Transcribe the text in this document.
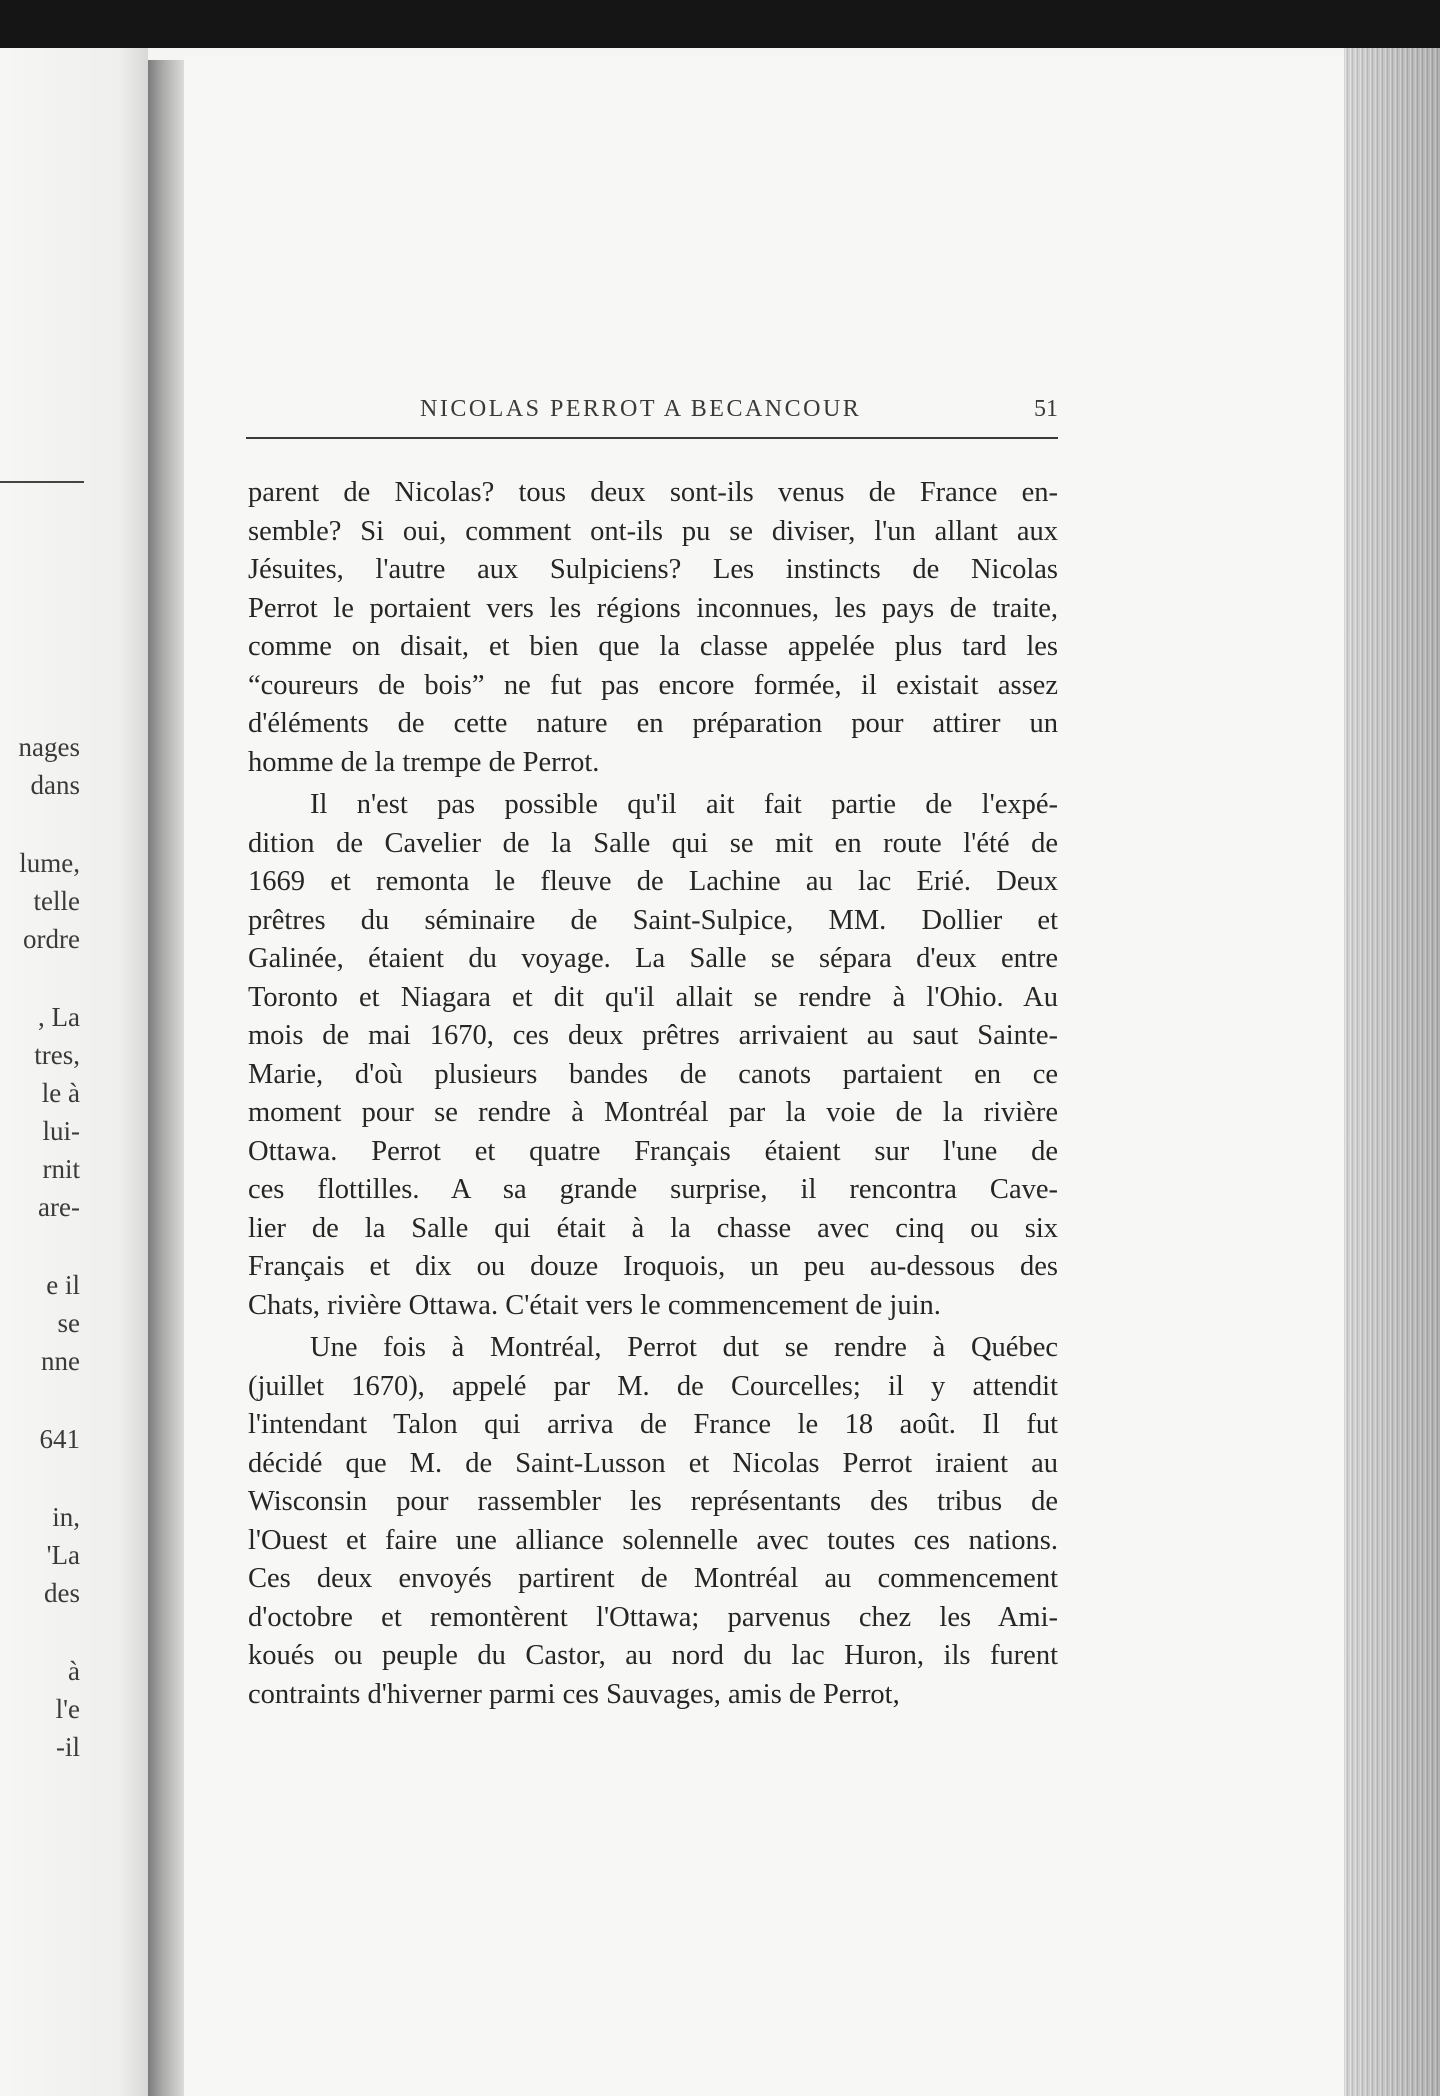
nages
dans
lume,
telle
ordre
, La
tres,
le à
lui-
rnit
are-
e il
se
nne
641
in,
'La
des
à
l'e
-il
NICOLAS PERROT A BECANCOUR	51
parent de Nicolas? tous deux sont-ils venus de France en-
semble? Si oui, comment ont-ils pu se diviser, l'un allant aux
Jésuites, l'autre aux Sulpiciens? Les instincts de Nicolas
Perrot le portaient vers les régions inconnues, les pays de traite,
comme on disait, et bien que la classe appelée plus tard les
“coureurs de bois” ne fut pas encore formée, il existait assez
d'éléments de cette nature en préparation pour attirer un
homme de la trempe de Perrot.
Il n'est pas possible qu'il ait fait partie de l'expé-
dition de Cavelier de la Salle qui se mit en route l'été de
1669 et remonta le fleuve de Lachine au lac Erié. Deux
prêtres du séminaire de Saint-Sulpice, MM. Dollier et
Galinée, étaient du voyage. La Salle se sépara d'eux entre
Toronto et Niagara et dit qu'il allait se rendre à l'Ohio. Au
mois de mai 1670, ces deux prêtres arrivaient au saut Sainte-
Marie, d'où plusieurs bandes de canots partaient en ce
moment pour se rendre à Montréal par la voie de la rivière
Ottawa. Perrot et quatre Français étaient sur l'une de
ces flottilles. A sa grande surprise, il rencontra Cave-
lier de la Salle qui était à la chasse avec cinq ou six
Français et dix ou douze Iroquois, un peu au-dessous des
Chats, rivière Ottawa. C'était vers le commencement de juin.
Une fois à Montréal, Perrot dut se rendre à Québec
(juillet 1670), appelé par M. de Courcelles; il y attendit
l'intendant Talon qui arriva de France le 18 août. Il fut
décidé que M. de Saint-Lusson et Nicolas Perrot iraient au
Wisconsin pour rassembler les représentants des tribus de
l'Ouest et faire une alliance solennelle avec toutes ces nations.
Ces deux envoyés partirent de Montréal au commencement
d'octobre et remontèrent l'Ottawa; parvenus chez les Ami-
koués ou peuple du Castor, au nord du lac Huron, ils furent
contraints d'hiverner parmi ces Sauvages, amis de Perrot,
